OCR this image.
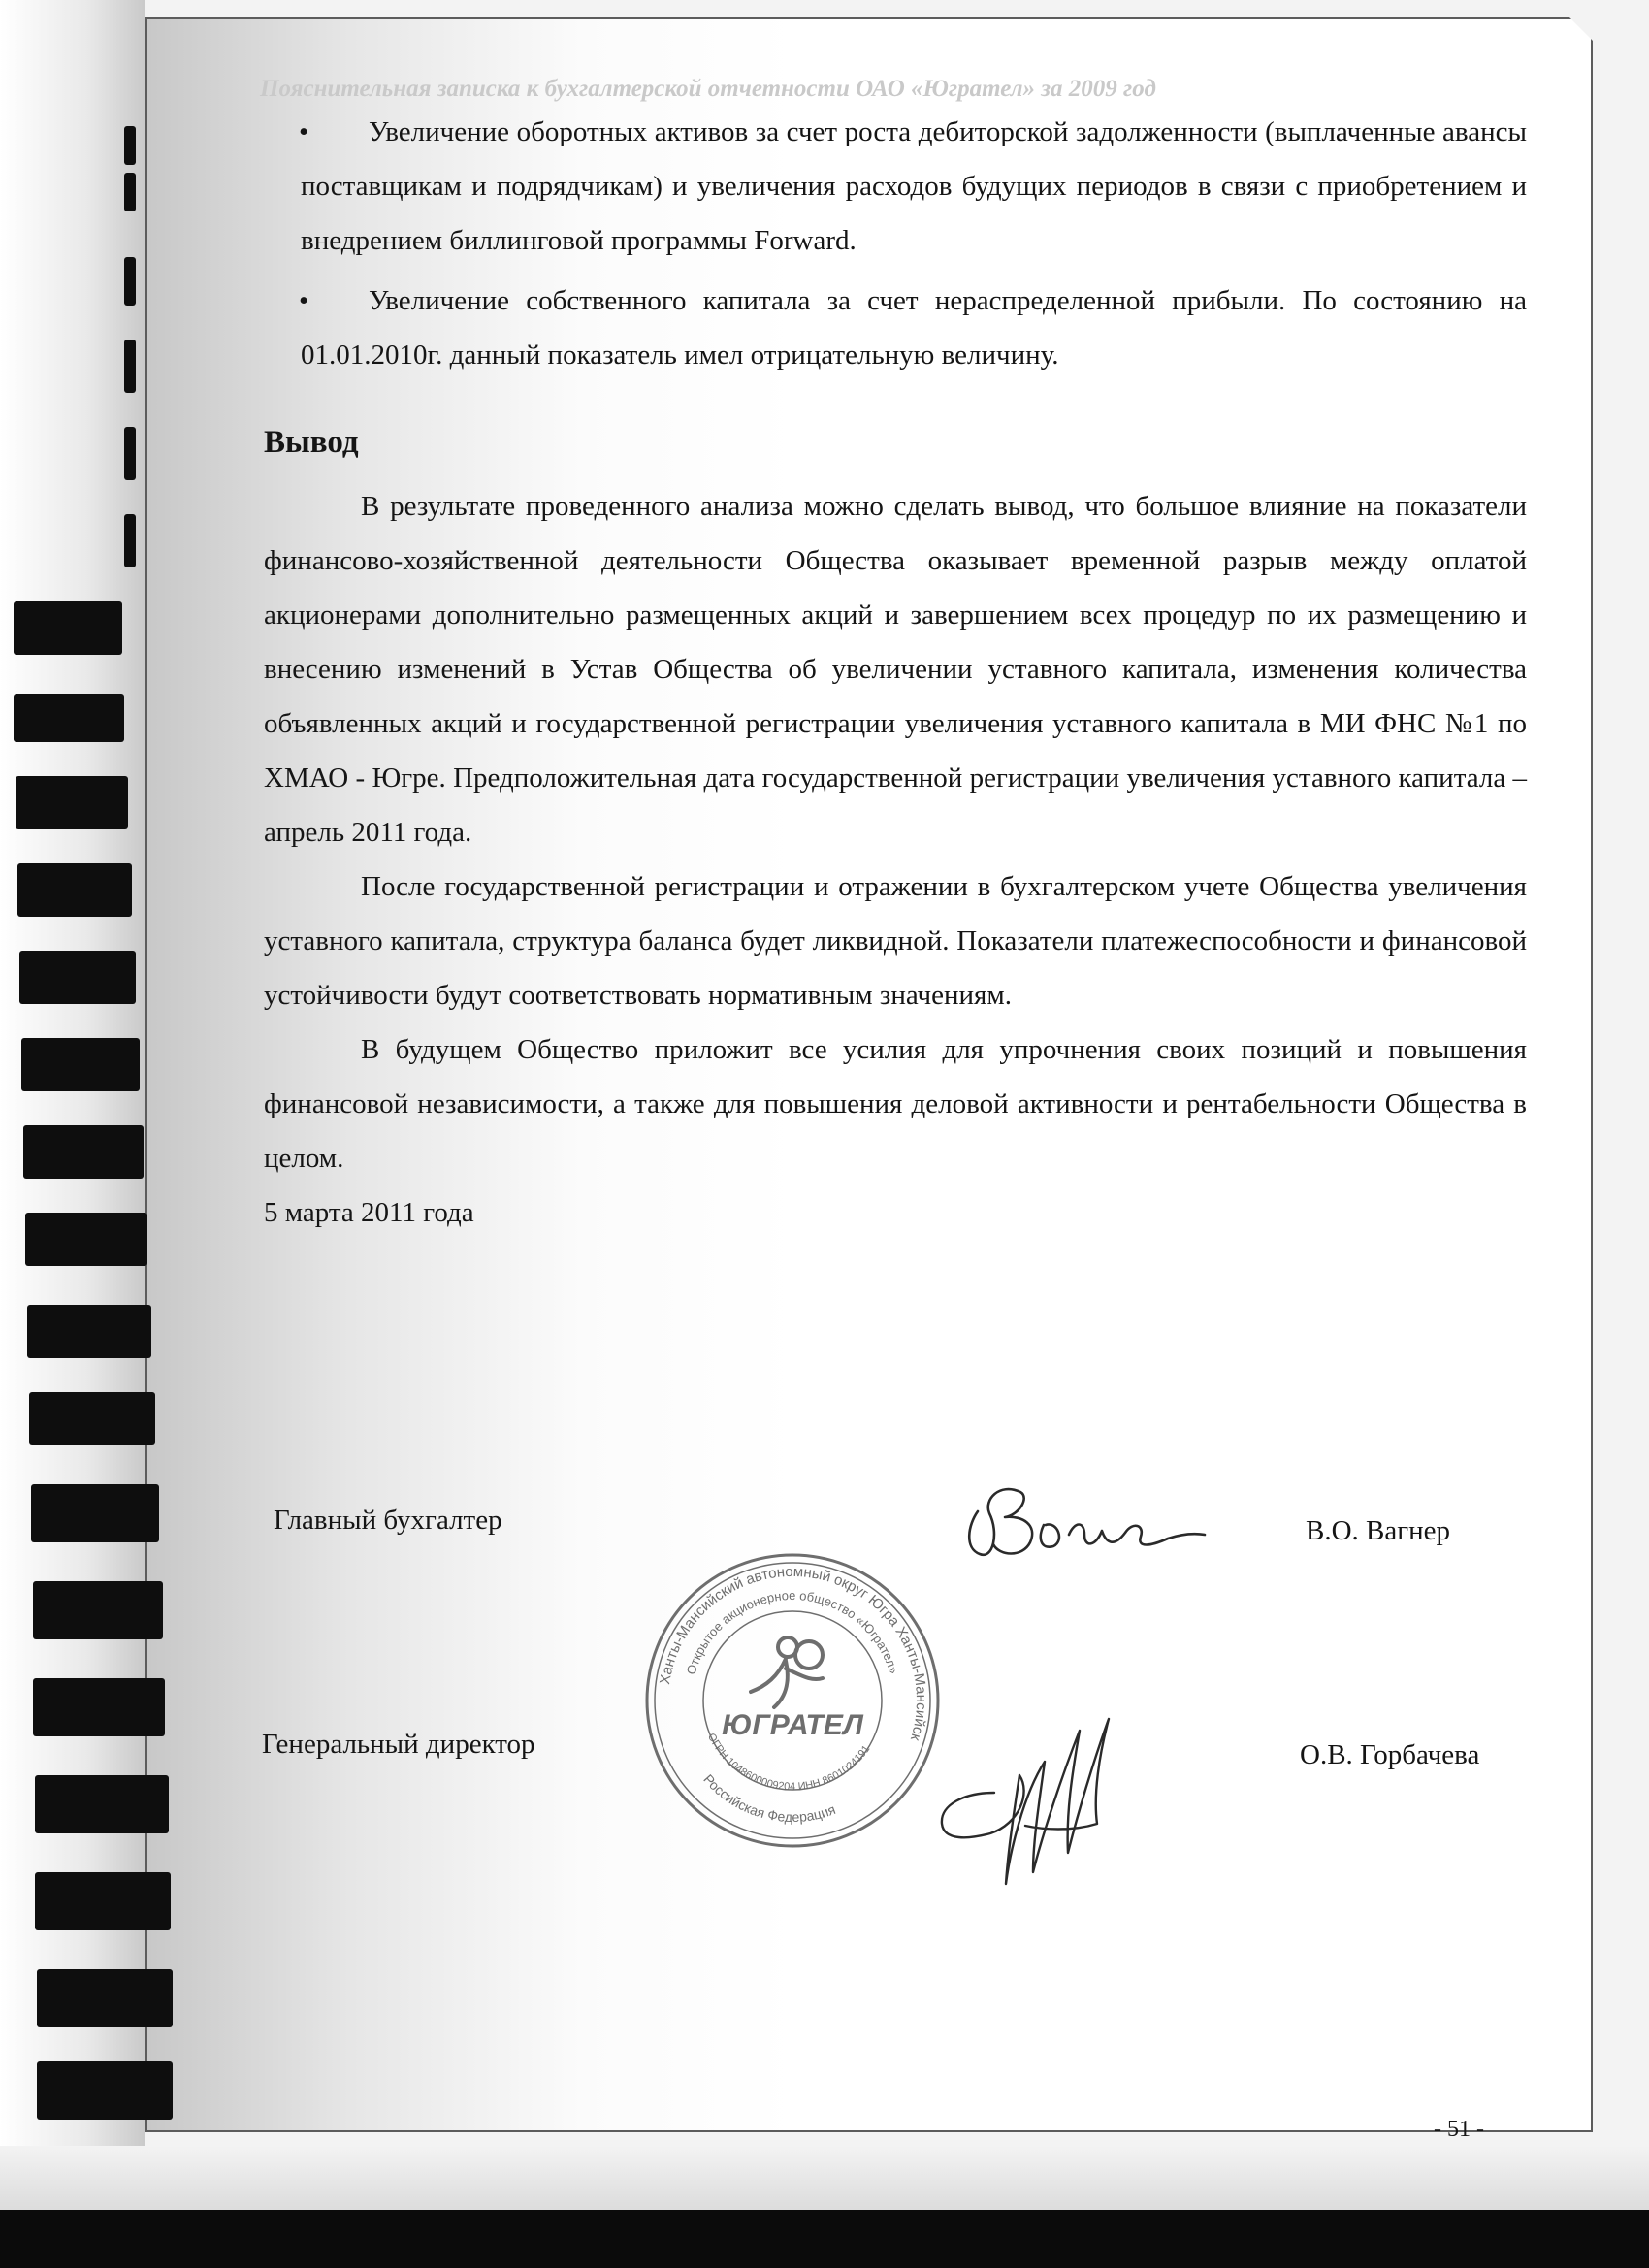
Пояснительная записка к бухгалтерской отчетности ОАО «Югрател» за 2009 год
•	Увеличение оборотных активов за счет роста дебиторской задолженности (выплаченные авансы поставщикам и подрядчикам) и увеличения расходов будущих периодов в связи с приобретением и внедрением биллинговой программы Forward.
•	Увеличение собственного капитала за счет нераспределенной прибыли. По состоянию на 01.01.2010г. данный показатель имел отрицательную величину.
Вывод

В результате проведенного анализа можно сделать вывод, что большое влияние на показатели финансово-хозяйственной деятельности Общества оказывает временной разрыв между оплатой акционерами дополнительно размещенных акций и завершением всех процедур по их размещению и внесению изменений в Устав Общества об увеличении уставного капитала, изменения количества объявленных акций и государственной регистрации увеличения уставного капитала в МИ ФНС №1 по ХМАО - Югре. Предположительная дата государственной регистрации увеличения уставного капитала – апрель 2011 года.

После государственной регистрации и отражении в бухгалтерском учете Общества увеличения уставного капитала, структура баланса будет ликвидной. Показатели платежеспособности и финансовой устойчивости будут соответствовать нормативным значениям.

В будущем Общество приложит все усилия для упрочнения своих позиций и повышения финансовой независимости, а также для повышения деловой активности и рентабельности Общества в целом.

5 марта 2011 года

Главный бухгалтер	В.О. Вагнер
Генеральный директор	О.В. Горбачева
Ханты-Мансийский автономный округ Югра Ханты-Мансийск
Открытое акционерное общество «Югрател»
Российская Федерация
ОГРН 1048600009204 ИНН 8601024191
ЮГРАТЕЛ
- 51 -
